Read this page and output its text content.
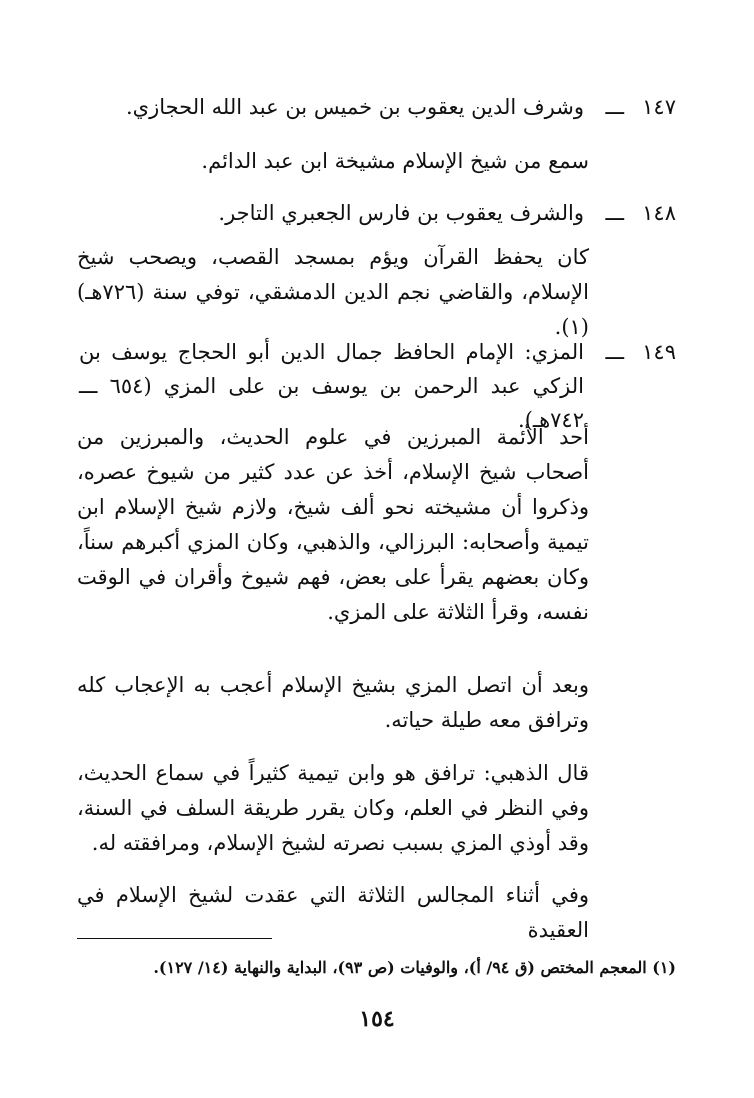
١٤٧
ـــ
وشرف الدين يعقوب بن خميس بن عبد الله الحجازي.
سمع من شيخ الإسلام مشيخة ابن عبد الدائم.
١٤٨
ـــ
والشرف يعقوب بن فارس الجعبري التاجر.
كان يحفظ القرآن ويؤم بمسجد القصب، ويصحب شيخ الإسلام، والقاضي نجم الدين الدمشقي، توفي سنة (٧٢٦هـ)(١).
١٤٩
ـــ
المزي: الإمام الحافظ جمال الدين أبو الحجاج يوسف بن الزكي عبد الرحمن بن يوسف بن على المزي (٦٥٤ ـــ ٧٤٢هـ).
أحد الأئمة المبرزين في علوم الحديث، والمبرزين من أصحاب شيخ الإسلام، أخذ عن عدد كثير من شيوخ عصره، وذكروا أن مشيخته نحو ألف شيخ، ولازم شيخ الإسلام ابن تيمية وأصحابه: البرزالي، والذهبي، وكان المزي أكبرهم سناً، وكان بعضهم يقرأ على بعض، فهم شيوخ وأقران في الوقت نفسه، وقرأ الثلاثة على المزي.
وبعد أن اتصل المزي بشيخ الإسلام أعجب به الإعجاب كله وترافق معه طيلة حياته.
قال الذهبي: ترافق هو وابن تيمية كثيراً في سماع الحديث، وفي النظر في العلم، وكان يقرر طريقة السلف في السنة، وقد أوذي المزي بسبب نصرته لشيخ الإسلام، ومرافقته له.
وفي أثناء المجالس الثلاثة التي عقدت لشيخ الإسلام في العقيدة
(١) المعجم المختص (ق ٩٤/ أ)، والوفيات (ص ٩٣)، البداية والنهاية (١٤/ ١٢٧).
١٥٤
